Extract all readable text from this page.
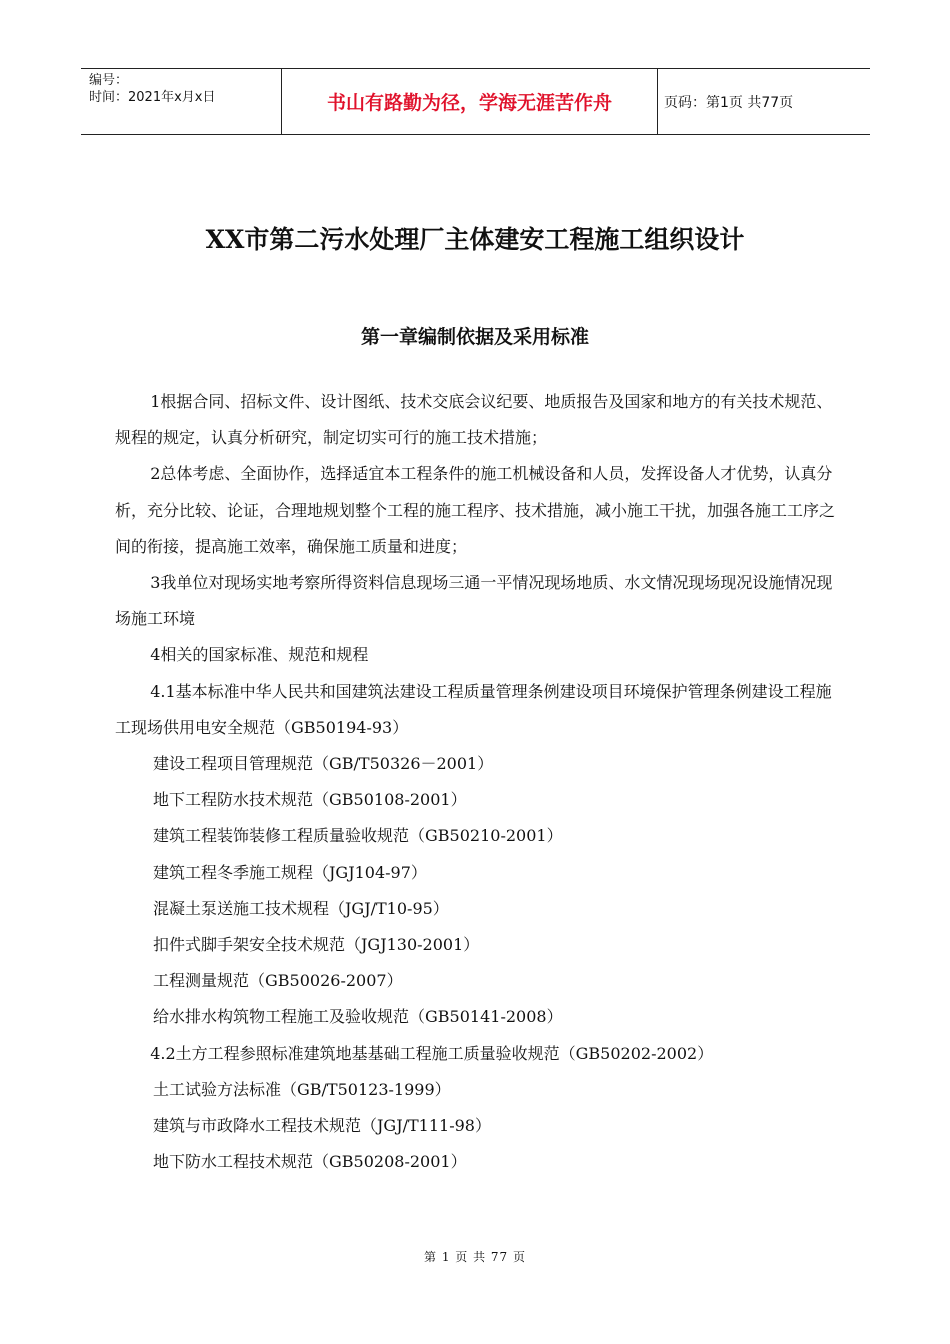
编号：
时间：2021年x月x日	书山有路勤为径，学海无涯苦作舟	页码：第1页 共77页
XX市第二污水处理厂主体建安工程施工组织设计
第一章编制依据及采用标准

1根据合同、招标文件、设计图纸、技术交底会议纪要、地质报告及国家和地方的有关技术规范、规程的规定，认真分析研究，制定切实可行的施工技术措施；

2总体考虑、全面协作，选择适宜本工程条件的施工机械设备和人员，发挥设备人才优势，认真分析，充分比较、论证，合理地规划整个工程的施工程序、技术措施，减小施工干扰，加强各施工工序之间的衔接，提高施工效率，确保施工质量和进度；

3我单位对现场实地考察所得资料信息现场三通一平情况现场地质、水文情况现场现况设施情况现场施工环境

4相关的国家标准、规范和规程

4.1基本标准中华人民共和国建筑法建设工程质量管理条例建设项目环境保护管理条例建设工程施工现场供用电安全规范（GB50194-93）

建设工程项目管理规范（GB/T50326－2001）

地下工程防水技术规范（GB50108-2001）

建筑工程装饰装修工程质量验收规范（GB50210-2001）

建筑工程冬季施工规程（JGJ104-97）

混凝土泵送施工技术规程（JGJ/T10-95）

扣件式脚手架安全技术规范（JGJ130-2001）

工程测量规范（GB50026-2007）

给水排水构筑物工程施工及验收规范（GB50141-2008）

4.2土方工程参照标准建筑地基基础工程施工质量验收规范（GB50202-2002）

土工试验方法标准（GB/T50123-1999）

建筑与市政降水工程技术规范（JGJ/T111-98）

地下防水工程技术规范（GB50208-2001）

第 1 页 共 77 页
